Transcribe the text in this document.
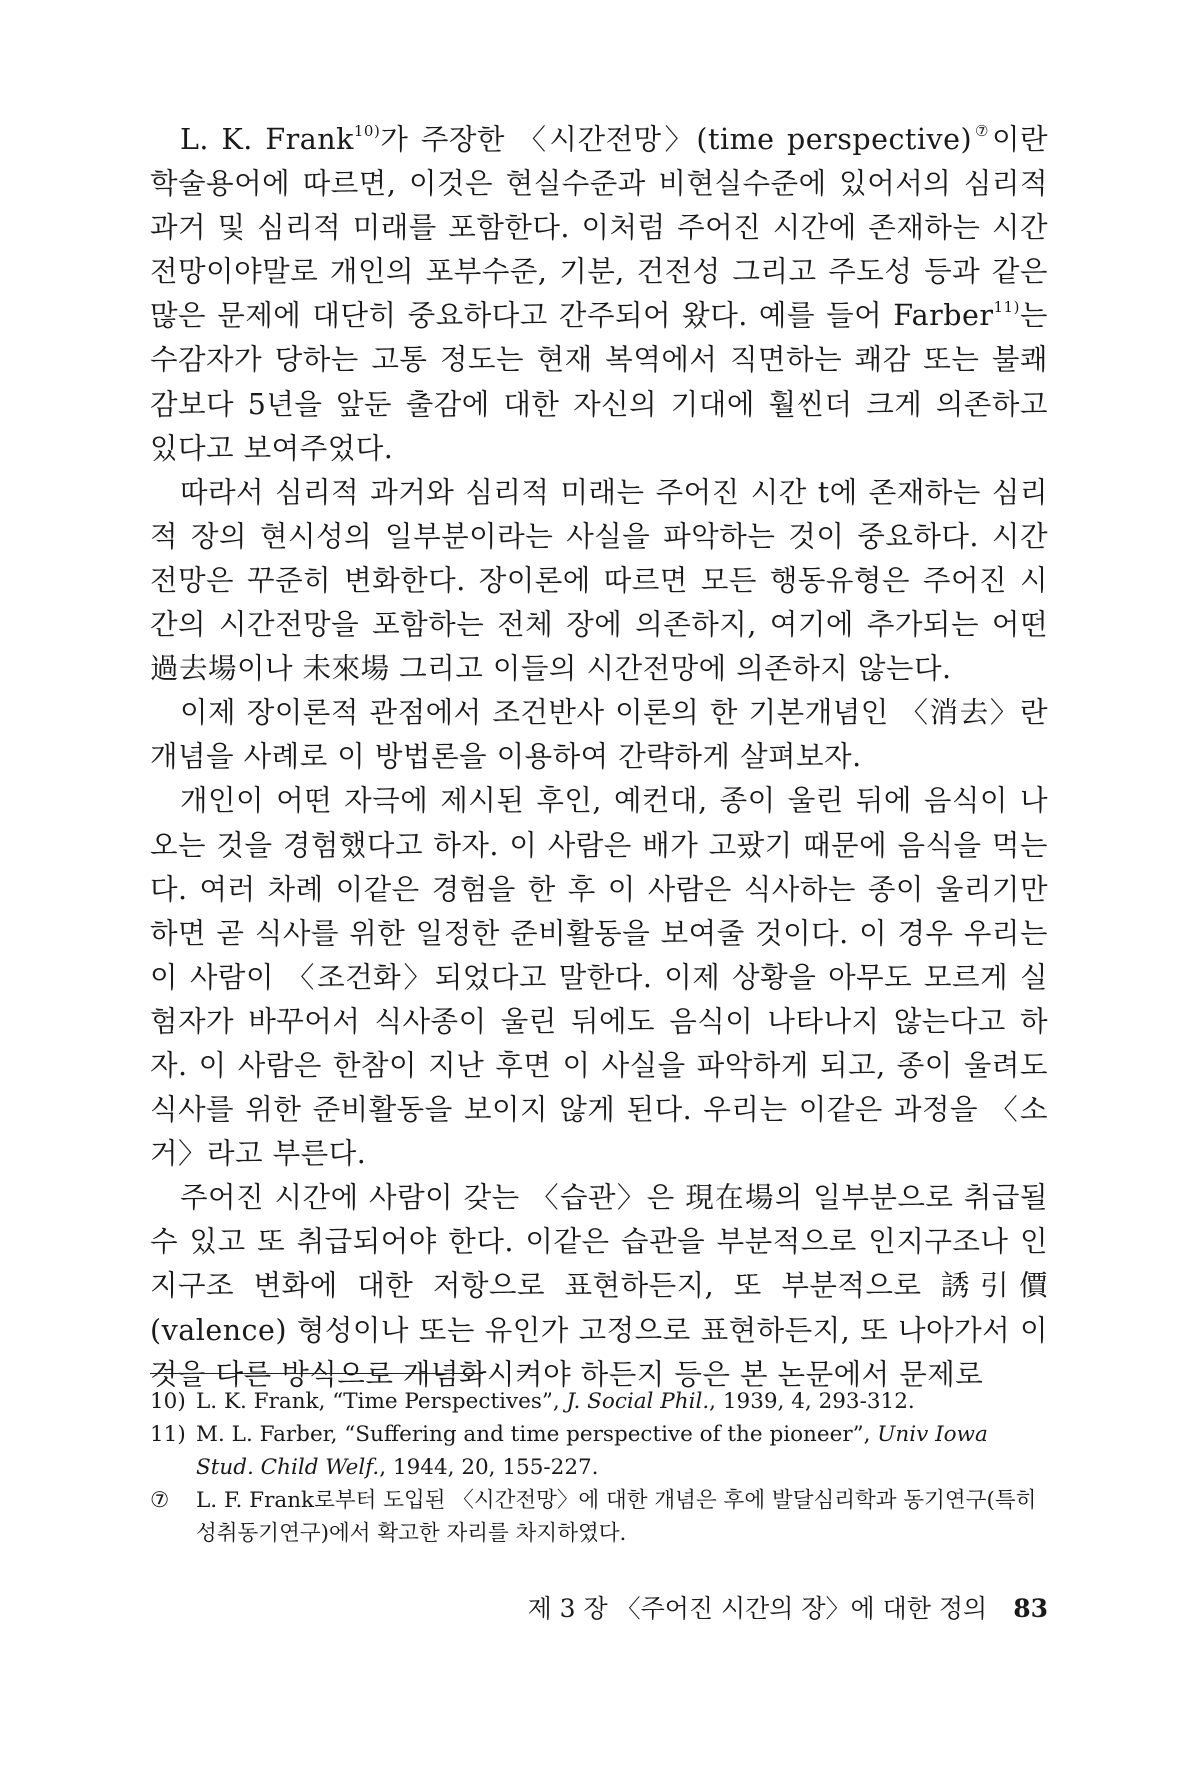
L. K. Frank$^{10)}$가 주장한 〈시간전망〉(time perspective)⑦이란 학술용어에 따르면, 이것은 현실수준과 비현실수준에 있어서의 심리적 과거 및 심리적 미래를 포함한다. 이처럼 주어진 시간에 존재하는 시간전망이야말로 개인의 포부수준, 기분, 건전성 그리고 주도성 등과 같은 많은 문제에 대단히 중요하다고 간주되어 왔다. 예를 들어 Farber$^{11)}$는 수감자가 당하는 고통 정도는 현재 복역에서 직면하는 쾌감 또는 불쾌감보다 5년을 앞둔 출감에 대한 자신의 기대에 훨씬더 크게 의존하고 있다고 보여주었다.

따라서 심리적 과거와 심리적 미래는 주어진 시간 t에 존재하는 심리적 장의 현시성의 일부분이라는 사실을 파악하는 것이 중요하다. 시간전망은 꾸준히 변화한다. 장이론에 따르면 모든 행동유형은 주어진 시간의 시간전망을 포함하는 전체 장에 의존하지, 여기에 추가되는 어떤 過去場이나 未來場 그리고 이들의 시간전망에 의존하지 않는다.

이제 장이론적 관점에서 조건반사 이론의 한 기본개념인 〈消去〉란 개념을 사례로 이 방법론을 이용하여 간략하게 살펴보자.

개인이 어떤 자극에 제시된 후인, 예컨대, 종이 울린 뒤에 음식이 나오는 것을 경험했다고 하자. 이 사람은 배가 고팠기 때문에 음식을 먹는다. 여러 차례 이같은 경험을 한 후 이 사람은 식사하는 종이 울리기만 하면 곧 식사를 위한 일정한 준비활동을 보여줄 것이다. 이 경우 우리는 이 사람이 〈조건화〉되었다고 말한다. 이제 상황을 아무도 모르게 실험자가 바꾸어서 식사종이 울린 뒤에도 음식이 나타나지 않는다고 하자. 이 사람은 한참이 지난 후면 이 사실을 파악하게 되고, 종이 울려도 식사를 위한 준비활동을 보이지 않게 된다. 우리는 이같은 과정을 〈소거〉라고 부른다.

주어진 시간에 사람이 갖는 〈습관〉은 現在場의 일부분으로 취급될 수 있고 또 취급되어야 한다. 이같은 습관을 부분적으로 인지구조나 인지구조 변화에 대한 저항으로 표현하든지, 또 부분적으로 誘引價(valence) 형성이나 또는 유인가 고정으로 표현하든지, 또 나아가서 이것을 다른 방식으로 개념화시켜야 하든지 등은 본 논문에서 문제로

10) L. K. Frank, “Time Perspectives”, J. Social Phil., 1939, 4, 293-312.

11) M. L. Farber, “Suffering and time perspective of the pioneer”, Univ Iowa Stud. Child Welf., 1944, 20, 155-227.

⑦ L. F. Frank로부터 도입된 〈시간전망〉에 대한 개념은 후에 발달심리학과 동기연구(특히 성취동기연구)에서 확고한 자리를 차지하였다.

제 3 장 〈주어진 시간의 장〉에 대한 정의 83
